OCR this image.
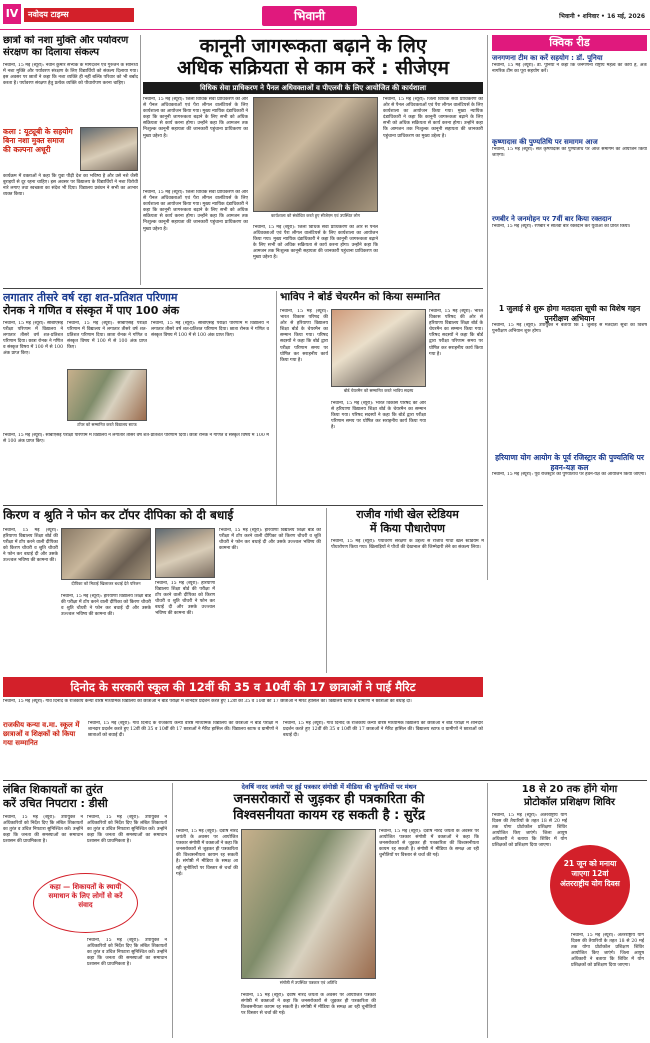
IV	नवोदय टाइम्स	भिवानी	भिवानी • शनिवार • 16 मई, 2026
छात्रों को नशा मुक्ति और पर्यावरण संरक्षण का दिलाया संकल्प
भिवानी, 15 मई (ब्यूरो): नवीन कुमार सभ्यक के मार्गदर्शन एवं गुरुजन के सानिध्य में नशा मुक्ति और पर्यावरण संरक्षण के लिए विद्यार्थियों को संकल्प दिलाया गया। इस अवसर पर छात्रों ने कहा कि नशा व्यक्ति ही नहीं बल्कि परिवार को भी बर्बाद करता है। पर्यावरण संरक्षण हेतु प्रत्येक व्यक्ति को पौधारोपण करना चाहिए।
कला : यूट्यूबी के सहयोग बिना नशा मुक्त समाज की कल्पना अधूरी
कार्यक्रम में वक्ताओं ने कहा कि युवा पीढ़ी देश का भविष्य है और उसे नशे जैसी बुराइयों से दूर रहना चाहिए। इस अवसर पर विद्यालय के विद्यार्थियों ने नशा विरोधी नारे लगाए तथा स्वच्छता का संदेश भी दिया। विद्यालय प्रबंधन ने सभी का आभार व्यक्त किया।
कानूनी जागरूकता बढ़ाने के लिए
अधिक सक्रियता से काम करें : सीजेएम
विधिक सेवा प्राधिकरण ने पैनल अधिवक्ताओं व पीएलवी के लिए आयोजित की कार्यशाला
भिवानी, 15 मई (ब्यूरो): जिला विधिक सेवा प्राधिकरण की ओर से पैनल अधिवक्ताओं एवं पैरा लीगल वालंटियर्स के लिए कार्यशाला का आयोजन किया गया। मुख्य न्यायिक दंडाधिकारी ने कहा कि कानूनी जागरूकता बढ़ाने के लिए सभी को अधिक सक्रियता से कार्य करना होगा। उन्होंने कहा कि आमजन तक निःशुल्क कानूनी सहायता की जानकारी पहुंचाना प्राधिकरण का मुख्य उद्देश्य है।
कार्यशाला को संबोधित करते हुए सीजेएम एवं उपस्थित लोग
भिवानी, 15 मई (ब्यूरो): जिला विधिक सेवा प्राधिकरण की ओर से पैनल अधिवक्ताओं एवं पैरा लीगल वालंटियर्स के लिए कार्यशाला का आयोजन किया गया। मुख्य न्यायिक दंडाधिकारी ने कहा कि कानूनी जागरूकता बढ़ाने के लिए सभी को अधिक सक्रियता से कार्य करना होगा। उन्होंने कहा कि आमजन तक निःशुल्क कानूनी सहायता की जानकारी पहुंचाना प्राधिकरण का मुख्य उद्देश्य है।
भिवानी, 15 मई (ब्यूरो): जिला विधिक सेवा प्राधिकरण की ओर से पैनल अधिवक्ताओं एवं पैरा लीगल वालंटियर्स के लिए कार्यशाला का आयोजन किया गया। मुख्य न्यायिक दंडाधिकारी ने कहा कि कानूनी जागरूकता बढ़ाने के लिए सभी को अधिक सक्रियता से कार्य करना होगा। उन्होंने कहा कि आमजन तक निःशुल्क कानूनी सहायता की जानकारी पहुंचाना प्राधिकरण का मुख्य उद्देश्य है।	भिवानी, 15 मई (ब्यूरो): जिला विधिक सेवा प्राधिकरण की ओर से पैनल अधिवक्ताओं एवं पैरा लीगल वालंटियर्स के लिए कार्यशाला का आयोजन किया गया। मुख्य न्यायिक दंडाधिकारी ने कहा कि कानूनी जागरूकता बढ़ाने के लिए सभी को अधिक सक्रियता से कार्य करना होगा। उन्होंने कहा कि आमजन तक निःशुल्क कानूनी सहायता की जानकारी पहुंचाना प्राधिकरण का मुख्य उद्देश्य है।
क्विक रीड
जनगणना टीम का करें सहयोग : डॉ. पूनिया
भिवानी, 15 मई (ब्यूरो): डॉ. पूनिया ने कहा कि जनगणना राष्ट्रीय महत्व का कार्य है, अतः नागरिक टीम का पूरा सहयोग करें।
कृष्णादास की पुण्यतिथि पर समागम आज
भिवानी, 15 मई (ब्यूरो): संत कृष्णादास की पुण्यतिथि पर आज समागम का आयोजन किया जाएगा।
रणबीर ने जनमोहन पर 7वीं बार किया रक्तदान
भिवानी, 15 मई (ब्यूरो): रणबीर ने सातवीं बार रक्तदान कर युवाओं को प्रेरित किया।
1 जुलाई से शुरू होगा मतदाता सूची का विशेष गहन पुनरीक्षण अभियान
भिवानी, 15 मई (ब्यूरो): उपायुक्त ने बताया कि 1 जुलाई से मतदाता सूची का विशेष पुनरीक्षण अभियान शुरू होगा।
हरियाणा योग आयोग के पूर्व रजिस्ट्रार की पुण्यतिथि पर हवन-यज्ञ कल
भिवानी, 15 मई (ब्यूरो): पूर्व रजिस्ट्रार की पुण्यतिथि पर हवन-यज्ञ का आयोजन किया जाएगा।
लगातार तीसरे वर्ष रहा शत-प्रतिशत परिणाम
रोनक ने गणित व संस्कृत में पाए 100 अंक
भिवानी, 15 मई (ब्यूरो): सीबीएसई परीक्षा परिणाम में विद्यालय ने लगातार तीसरे वर्ष शत-प्रतिशत परिणाम दिया। छात्रा रोनक ने गणित व संस्कृत विषय में 100 में से 100 अंक प्राप्त किए।
भिवानी, 15 मई (ब्यूरो): सीबीएसई परीक्षा परिणाम में विद्यालय ने लगातार तीसरे वर्ष शत-प्रतिशत परिणाम दिया। छात्रा रोनक ने गणित व संस्कृत विषय में 100 में से 100 अंक प्राप्त किए।
टॉपर को सम्मानित करते विद्यालय स्टाफ
भिवानी, 15 मई (ब्यूरो): सीबीएसई परीक्षा परिणाम में विद्यालय ने लगातार तीसरे वर्ष शत-प्रतिशत परिणाम दिया। छात्रा रोनक ने गणित व संस्कृत विषय में 100 में से 100 अंक प्राप्त किए।
भिवानी, 15 मई (ब्यूरो): सीबीएसई परीक्षा परिणाम में विद्यालय ने लगातार तीसरे वर्ष शत-प्रतिशत परिणाम दिया। छात्रा रोनक ने गणित व संस्कृत विषय में 100 में से 100 अंक प्राप्त किए।
भाविप ने बोर्ड चेयरमैन को किया सम्मानित
बोर्ड चेयरमैन को सम्मानित करते भाविप सदस्य
भिवानी, 15 मई (ब्यूरो): भारत विकास परिषद की ओर से हरियाणा विद्यालय शिक्षा बोर्ड के चेयरमैन का सम्मान किया गया। परिषद सदस्यों ने कहा कि बोर्ड द्वारा परीक्षा परिणाम समय पर घोषित कर सराहनीय कार्य किया गया है।
भिवानी, 15 मई (ब्यूरो): भारत विकास परिषद की ओर से हरियाणा विद्यालय शिक्षा बोर्ड के चेयरमैन का सम्मान किया गया। परिषद सदस्यों ने कहा कि बोर्ड द्वारा परीक्षा परिणाम समय पर घोषित कर सराहनीय कार्य किया गया है।
भिवानी, 15 मई (ब्यूरो): भारत विकास परिषद की ओर से हरियाणा विद्यालय शिक्षा बोर्ड के चेयरमैन का सम्मान किया गया। परिषद सदस्यों ने कहा कि बोर्ड द्वारा परीक्षा परिणाम समय पर घोषित कर सराहनीय कार्य किया गया है।
किरण व श्रुति ने फोन कर टॉपर दीपिका को दी बधाई
भिवानी, 15 मई (ब्यूरो): हरियाणा विद्यालय शिक्षा बोर्ड की परीक्षा में टॉप करने वाली दीपिका को किरण चौधरी व श्रुति चौधरी ने फोन कर बधाई दी और उसके उज्ज्वल भविष्य की कामना की।
दीपिका को मिठाई खिलाकर बधाई देते परिजन
भिवानी, 15 मई (ब्यूरो): हरियाणा विद्यालय शिक्षा बोर्ड की परीक्षा में टॉप करने वाली दीपिका को किरण चौधरी व श्रुति चौधरी ने फोन कर बधाई दी और उसके उज्ज्वल भविष्य की कामना की।
भिवानी, 15 मई (ब्यूरो): हरियाणा विद्यालय शिक्षा बोर्ड की परीक्षा में टॉप करने वाली दीपिका को किरण चौधरी व श्रुति चौधरी ने फोन कर बधाई दी और उसके उज्ज्वल भविष्य की कामना की।
भिवानी, 15 मई (ब्यूरो): हरियाणा विद्यालय शिक्षा बोर्ड की परीक्षा में टॉप करने वाली दीपिका को किरण चौधरी व श्रुति चौधरी ने फोन कर बधाई दी और उसके उज्ज्वल भविष्य की कामना की।
राजीव गांधी खेल स्टेडियम
में किया पौधारोपण
भिवानी, 15 मई (ब्यूरो): पर्यावरण संरक्षण के उद्देश्य से राजीव गांधी खेल स्टेडियम में पौधारोपण किया गया। खिलाड़ियों ने पौधों की देखभाल की जिम्मेदारी लेने का संकल्प लिया।
दिनोद के सरकारी स्कूल की 12वीं की 35 व 10वीं की 17 छात्राओं ने पाई मैरिट
भिवानी, 15 मई (ब्यूरो): गांव दिनोद के राजकीय कन्या वरिष्ठ माध्यमिक विद्यालय की छात्राओं ने बोर्ड परीक्षा में शानदार प्रदर्शन करते हुए 12वीं की 35 व 10वीं की 17 छात्राओं ने मैरिट हासिल की। विद्यालय स्टाफ व ग्रामीणों ने छात्राओं को बधाई दी।
राजकीय कन्या व.मा. स्कूल में छात्राओं व शिक्षकों को किया गया सम्मानित
भिवानी, 15 मई (ब्यूरो): गांव दिनोद के राजकीय कन्या वरिष्ठ माध्यमिक विद्यालय की छात्राओं ने बोर्ड परीक्षा में शानदार प्रदर्शन करते हुए 12वीं की 35 व 10वीं की 17 छात्राओं ने मैरिट हासिल की। विद्यालय स्टाफ व ग्रामीणों ने छात्राओं को बधाई दी।
भिवानी, 15 मई (ब्यूरो): गांव दिनोद के राजकीय कन्या वरिष्ठ माध्यमिक विद्यालय की छात्राओं ने बोर्ड परीक्षा में शानदार प्रदर्शन करते हुए 12वीं की 35 व 10वीं की 17 छात्राओं ने मैरिट हासिल की। विद्यालय स्टाफ व ग्रामीणों ने छात्राओं को बधाई दी।
लंबित शिकायतों का तुरंत
करें उचित निपटारा : डीसी
भिवानी, 15 मई (ब्यूरो): उपायुक्त ने अधिकारियों को निर्देश दिए कि लंबित शिकायतों का तुरंत व उचित निपटारा सुनिश्चित करें। उन्होंने कहा कि जनता की समस्याओं का समाधान प्रशासन की प्राथमिकता है।
भिवानी, 15 मई (ब्यूरो): उपायुक्त ने अधिकारियों को निर्देश दिए कि लंबित शिकायतों का तुरंत व उचित निपटारा सुनिश्चित करें। उन्होंने कहा कि जनता की समस्याओं का समाधान प्रशासन की प्राथमिकता है।
कहा — शिकायतों के स्थायी समाधान के लिए लोगों से करें संवाद
भिवानी, 15 मई (ब्यूरो): उपायुक्त ने अधिकारियों को निर्देश दिए कि लंबित शिकायतों का तुरंत व उचित निपटारा सुनिश्चित करें। उन्होंने कहा कि जनता की समस्याओं का समाधान प्रशासन की प्राथमिकता है।
देवर्षि नारद जयंती पर हुई पत्रकार संगोष्ठी में मीडिया की चुनौतियों पर मंथन
जनसरोकारों से जुड़कर ही पत्रकारिता की
विश्वसनीयता कायम रह सकती है : सुरेंद्र
भिवानी, 15 मई (ब्यूरो): देवर्षि नारद जयंती के अवसर पर आयोजित पत्रकार संगोष्ठी में वक्ताओं ने कहा कि जनसरोकारों से जुड़कर ही पत्रकारिता की विश्वसनीयता कायम रह सकती है। संगोष्ठी में मीडिया के समक्ष आ रही चुनौतियों पर विस्तार से चर्चा की गई।
संगोष्ठी में उपस्थित पत्रकार एवं अतिथि
भिवानी, 15 मई (ब्यूरो): देवर्षि नारद जयंती के अवसर पर आयोजित पत्रकार संगोष्ठी में वक्ताओं ने कहा कि जनसरोकारों से जुड़कर ही पत्रकारिता की विश्वसनीयता कायम रह सकती है। संगोष्ठी में मीडिया के समक्ष आ रही चुनौतियों पर विस्तार से चर्चा की गई।
भिवानी, 15 मई (ब्यूरो): देवर्षि नारद जयंती के अवसर पर आयोजित पत्रकार संगोष्ठी में वक्ताओं ने कहा कि जनसरोकारों से जुड़कर ही पत्रकारिता की विश्वसनीयता कायम रह सकती है। संगोष्ठी में मीडिया के समक्ष आ रही चुनौतियों पर विस्तार से चर्चा की गई।
18 से 20 तक होंगे योगा
प्रोटोकॉल प्रशिक्षण शिविर
भिवानी, 15 मई (ब्यूरो): अंतरराष्ट्रीय योग दिवस की तैयारियों के तहत 18 से 20 मई तक योगा प्रोटोकॉल प्रशिक्षण शिविर आयोजित किए जाएंगे। जिला आयुष अधिकारी ने बताया कि शिविर में योग प्रशिक्षकों को प्रशिक्षण दिया जाएगा।
21 जून को मनाया जाएगा 12वां अंतरराष्ट्रीय योग दिवस
भिवानी, 15 मई (ब्यूरो): अंतरराष्ट्रीय योग दिवस की तैयारियों के तहत 18 से 20 मई तक योगा प्रोटोकॉल प्रशिक्षण शिविर आयोजित किए जाएंगे। जिला आयुष अधिकारी ने बताया कि शिविर में योग प्रशिक्षकों को प्रशिक्षण दिया जाएगा।
